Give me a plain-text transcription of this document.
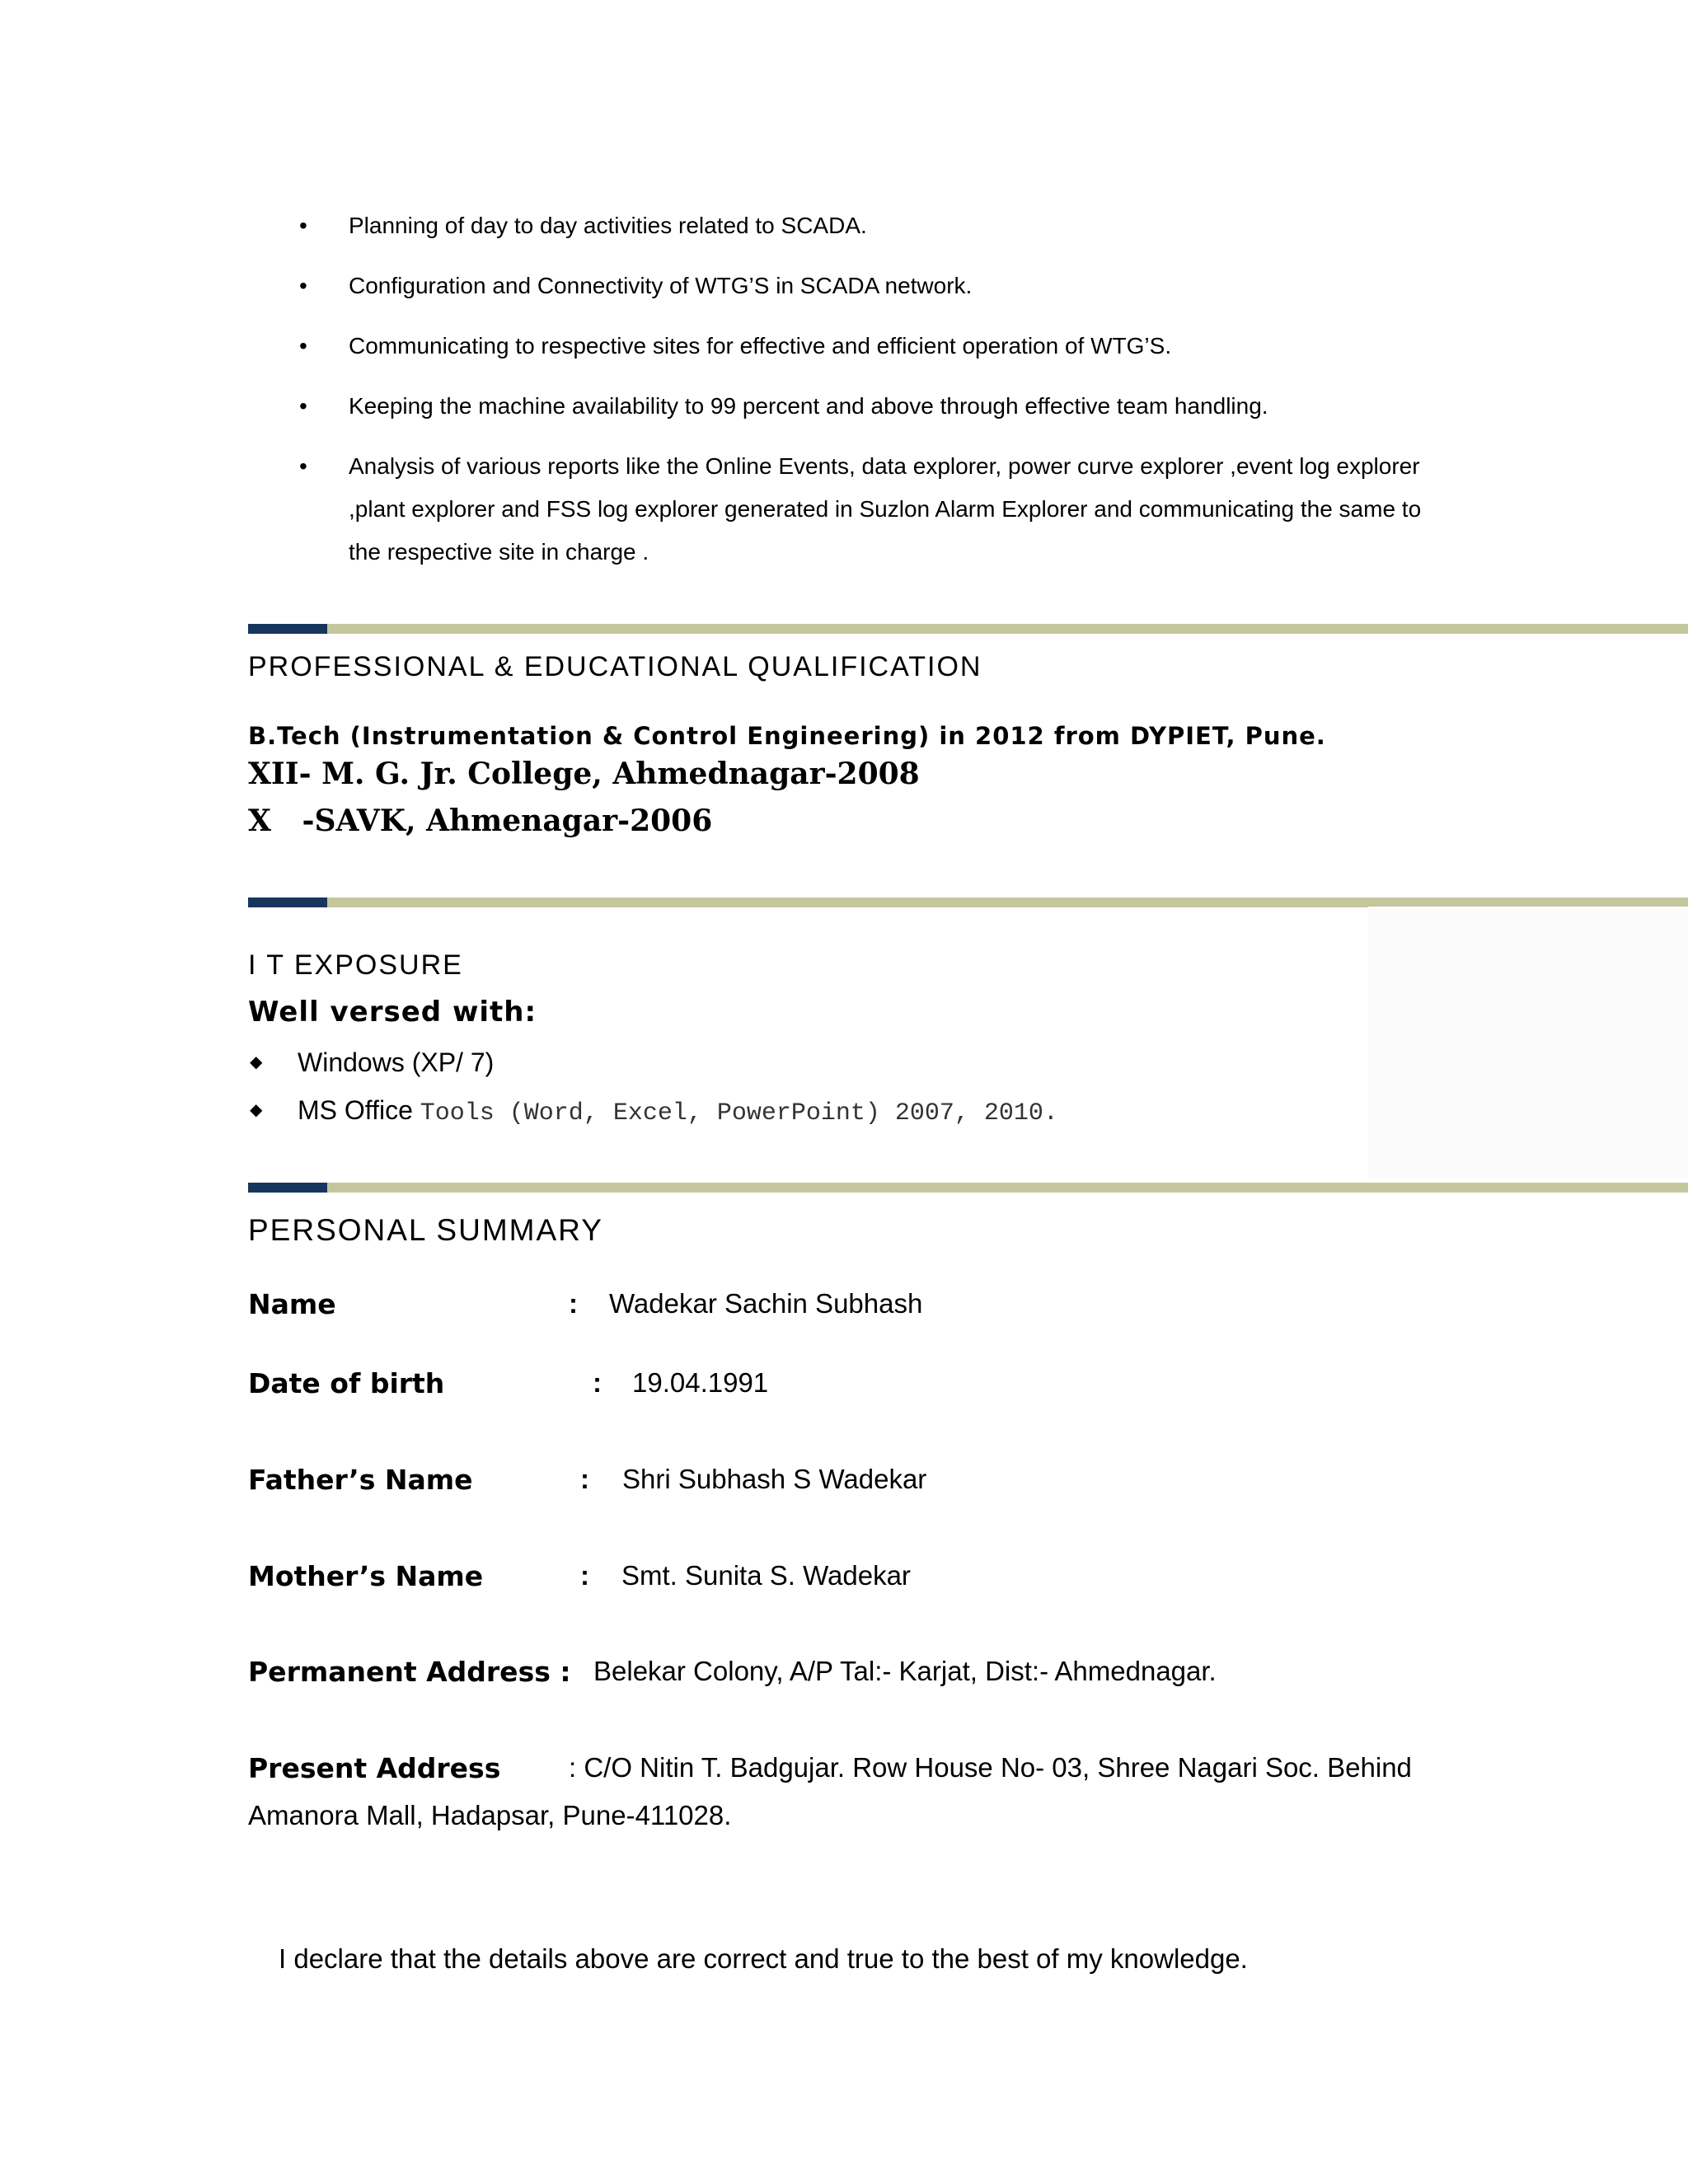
• Planning of day to day activities related to SCADA.
• Configuration and Connectivity of WTG’S in SCADA network.
• Communicating to respective sites for effective and efficient operation of WTG’S.
• Keeping the machine availability to 99 percent and above through effective team handling.
• Analysis of various reports like the Online Events, data explorer, power curve explorer ,event log explorer ,plant explorer and FSS log explorer generated in Suzlon Alarm Explorer and communicating the same to the respective site in charge .
PROFESSIONAL & EDUCATIONAL QUALIFICATION
B.Tech (Instrumentation & Control Engineering) in 2012 from DYPIET, Pune.
XII- M. G. Jr. College, Ahmednagar-2008
X   -SAVK, Ahmenagar-2006
I T EXPOSURE
Well versed with:
◆ Windows (XP/ 7)
◆ MS Office Tools (Word, Excel, PowerPoint) 2007, 2010.
PERSONAL SUMMARY
Name	: Wadekar Sachin Subhash
Date of birth	: 19.04.1991
Father’s Name	: Shri Subhash S Wadekar
Mother’s Name	: Smt. Sunita S. Wadekar
Permanent Address : Belekar Colony, A/P Tal:- Karjat, Dist:- Ahmednagar.
Present Address	: C/O Nitin T. Badgujar. Row House No- 03, Shree Nagari Soc. Behind
Amanora Mall, Hadapsar, Pune-411028.
I declare that the details above are correct and true to the best of my knowledge.
